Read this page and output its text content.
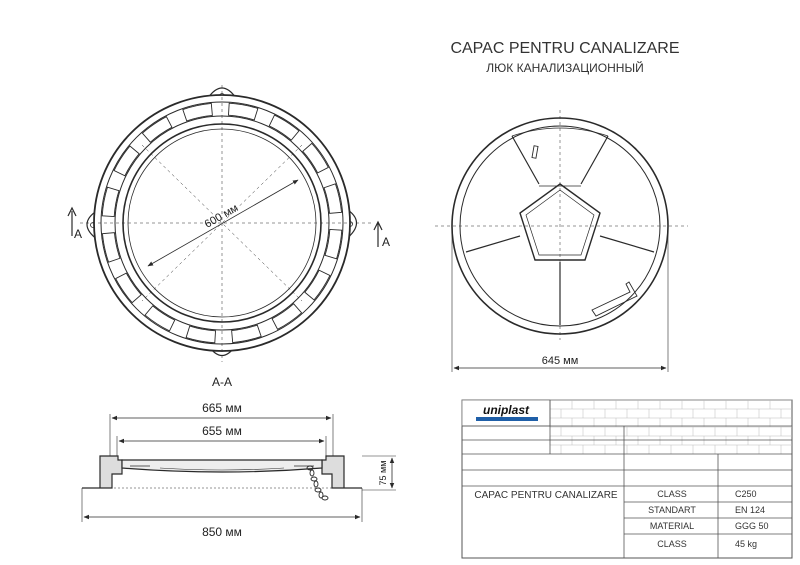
CAPAC PENTRU CANALIZARE
ЛЮК КАНАЛИЗАЦИОННЫЙ
600 мм
A
A
A-A
645 мм
665 мм
655 мм
850 мм
75 мм
uniplast
CAPAC PENTRU CANALIZARE	CLASS	C250
STANDART	EN 124
MATERIAL	GGG 50
CLASS	45 kg
